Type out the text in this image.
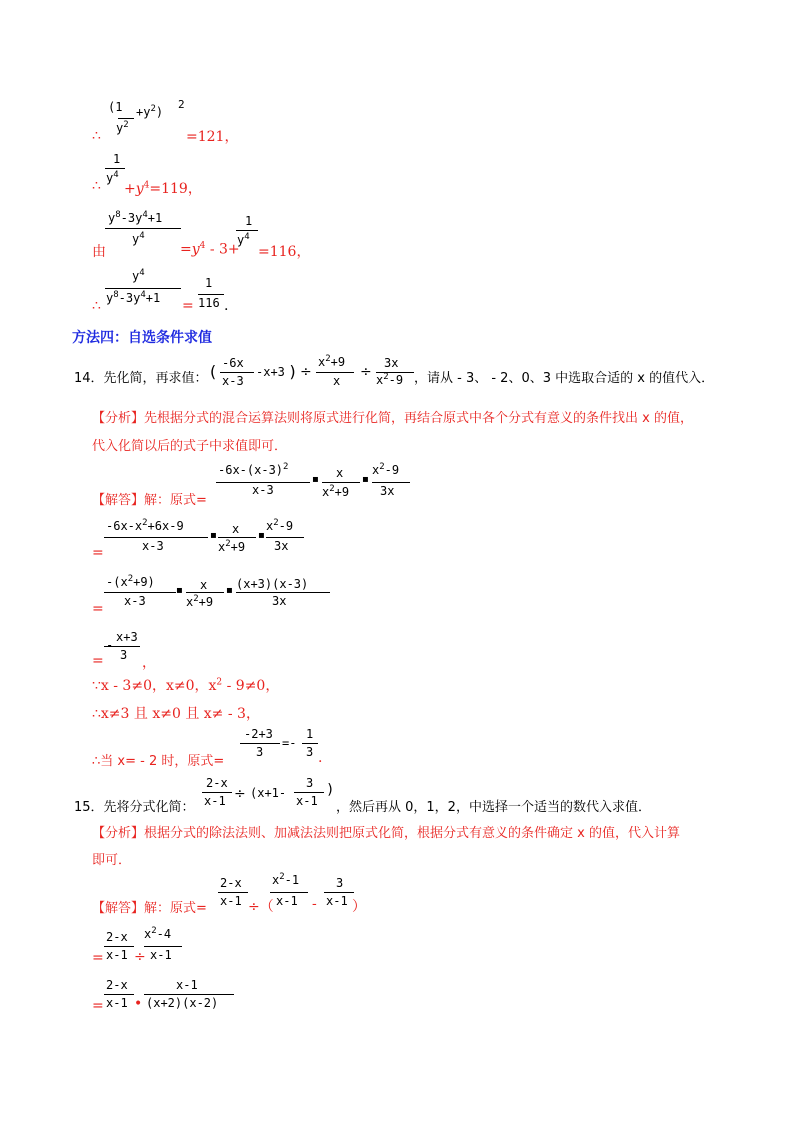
(1
$y^2$
$+y^2$)
2
∴	=121，
1
∴ $y^4$
$+y^4=119$，
$y^8-3y^4+1$
$y^4$
由	$=y^4 - 3+$
1
$y^4$
=116，
$y^4$
∴ $y^8-3y^4+1$ =
1
116 .
方法四：自选条件求值
14．先化简，再求值： ( -6x
x-3
-x+3 ) ÷
$x^2+9$
x
÷
3x
$x^2-9$ ，请从 - 3、 - 2、0、3 中选取合适的 x 的值代入．
【分析】先根据分式的混合运算法则将原式进行化简，再结合原式中各个分式有意义的条件找出 x 的值，
代入化简以后的式子中求值即可．
$-6x-(x-3)^2$
x-3
【解答】解：原式=
▪ x
$x^2+9$
▪
$x^2-9$
3x
$-6x-x^2+6x-9$
=	x-3
▪ x
$x^2+9$
▪
$x^2-9$
3x
$-(x^2+9)$
= x-3
▪ x
$x^2+9$
▪ (x+3)(x-3)
3x
x+3
-
= 3 ，
∵x - 3≠0，x≠0，$x^2 - 9\ne 0$，
∴x≠3 且 x≠0 且 x≠ - 3，
-2+3
∴当 x= - 2 时，原式=
3
=-
1
3 .
2-x
15．先将分式化简： x-1 ÷ (x+1-
3
x-1
)
，然后再从 0，1，2，中选择一个适当的数代入求值．
【分析】根据分式的除法法则、加减法法则把原式化简，根据分式有意义的条件确定 x 的值，代入计算
即可．
2-x
【解答】解：原式= x-1 ÷（
$x^2-1$
x-1 -
3
x-1 ）
2-x
= x-1 ÷
$x^2-4$
x-1
2-x
= x-1 •
x-1
(x+2)(x-2)
